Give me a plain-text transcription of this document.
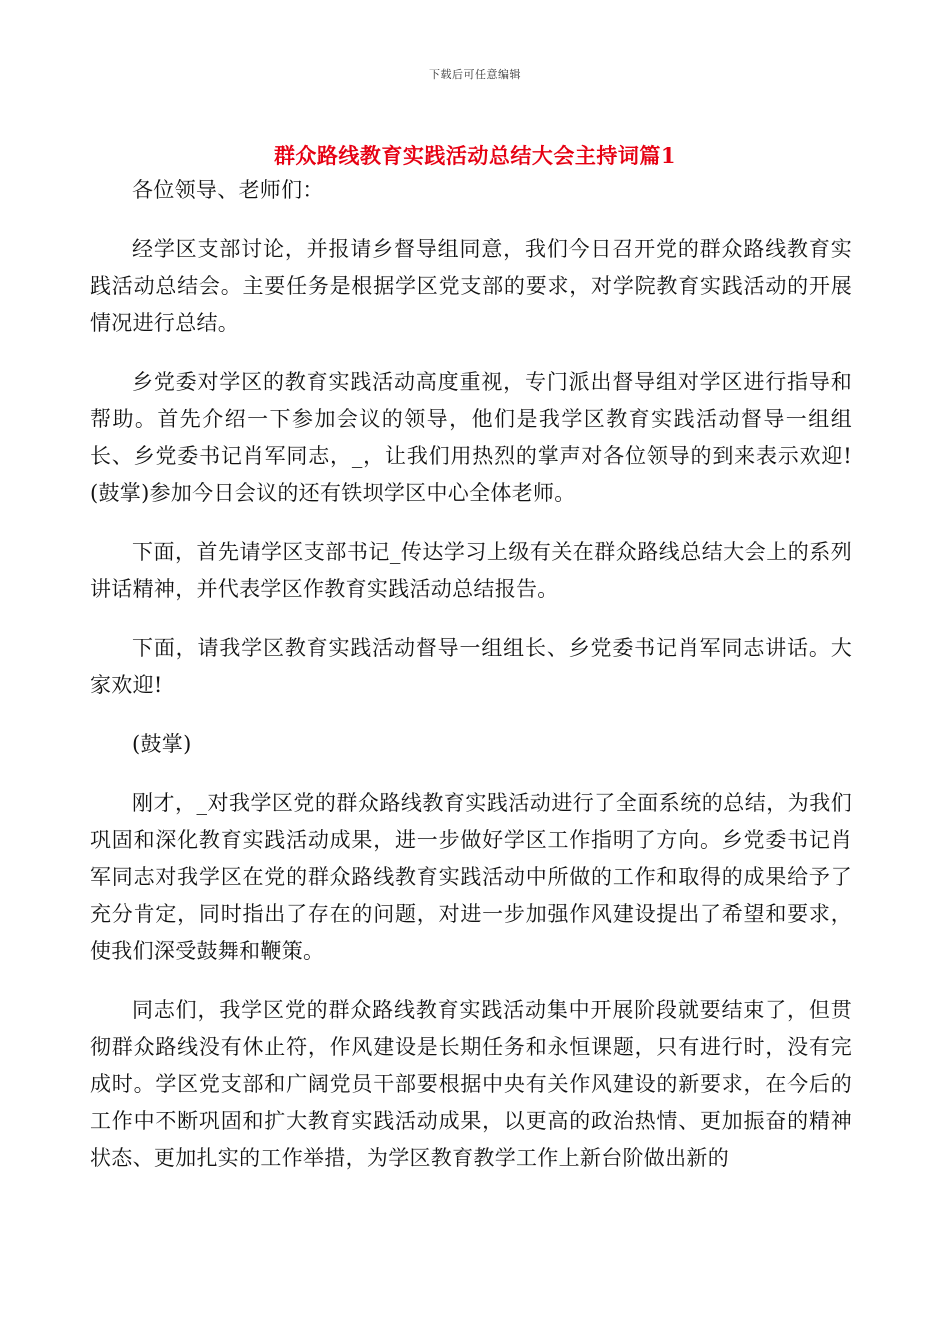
下载后可任意编辑
群众路线教育实践活动总结大会主持词篇1

各位领导、老师们：

经学区支部讨论，并报请乡督导组同意，我们今日召开党的群众路线教育实践活动总结会。主要任务是根据学区党支部的要求，对学院教育实践活动的开展情况进行总结。

乡党委对学区的教育实践活动高度重视，专门派出督导组对学区进行指导和帮助。首先介绍一下参加会议的领导，他们是我学区教育实践活动督导一组组长、乡党委书记肖军同志，_，让我们用热烈的掌声对各位领导的到来表示欢迎!(鼓掌)参加今日会议的还有铁坝学区中心全体老师。

下面，首先请学区支部书记_传达学习上级有关在群众路线总结大会上的系列讲话精神，并代表学区作教育实践活动总结报告。

下面，请我学区教育实践活动督导一组组长、乡党委书记肖军同志讲话。大家欢迎!

(鼓掌)

刚才，_对我学区党的群众路线教育实践活动进行了全面系统的总结，为我们巩固和深化教育实践活动成果，进一步做好学区工作指明了方向。乡党委书记肖军同志对我学区在党的群众路线教育实践活动中所做的工作和取得的成果给予了充分肯定，同时指出了存在的问题，对进一步加强作风建设提出了希望和要求，使我们深受鼓舞和鞭策。

同志们，我学区党的群众路线教育实践活动集中开展阶段就要结束了，但贯彻群众路线没有休止符，作风建设是长期任务和永恒课题，只有进行时，没有完成时。学区党支部和广阔党员干部要根据中央有关作风建设的新要求，在今后的工作中不断巩固和扩大教育实践活动成果，以更高的政治热情、更加振奋的精神状态、更加扎实的工作举措，为学区教育教学工作上新台阶做出新的
